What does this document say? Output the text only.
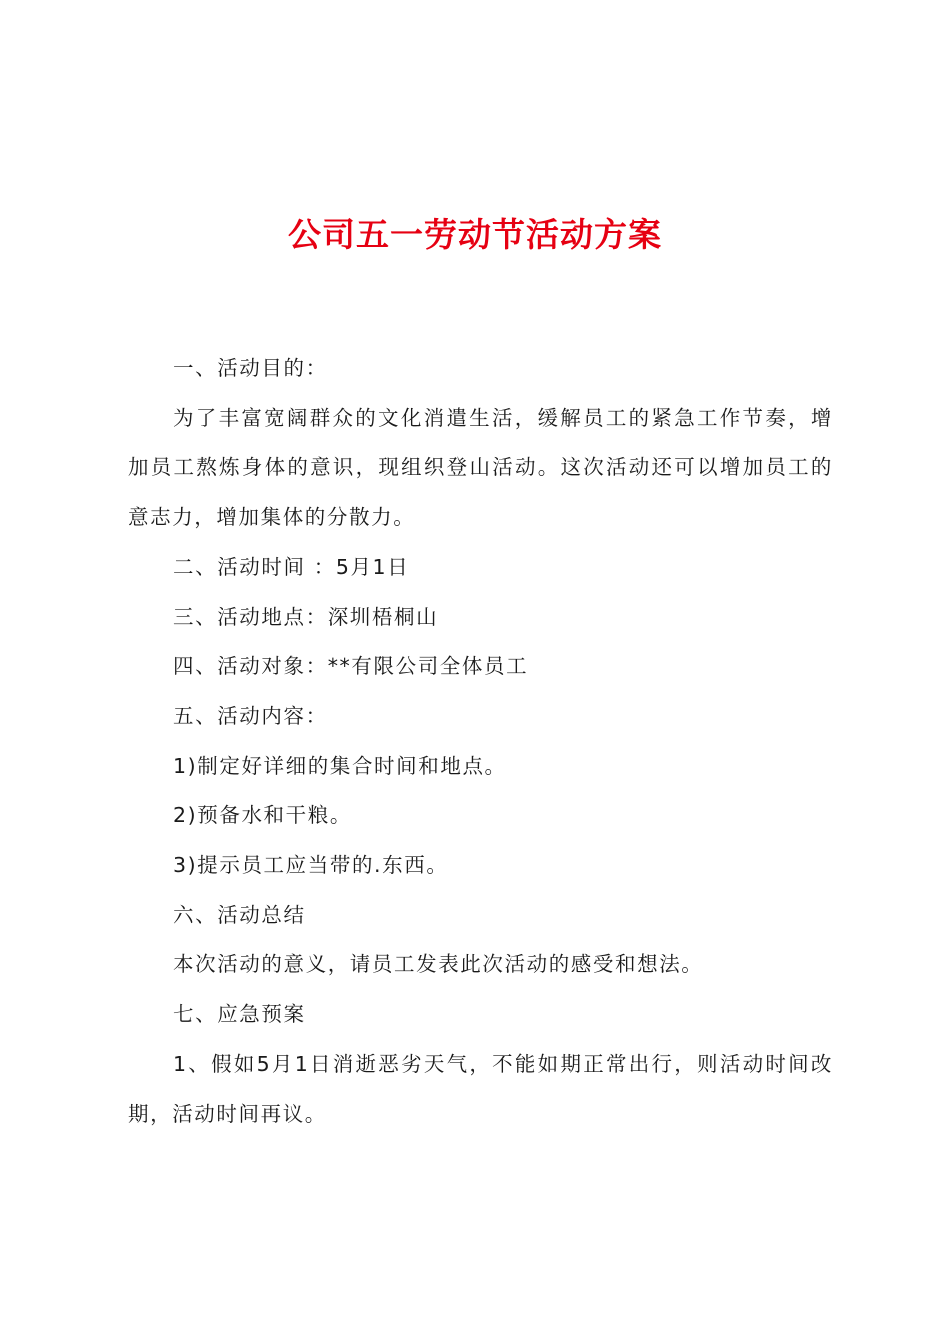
公司五一劳动节活动方案

一、活动目的：

为了丰富宽阔群众的文化消遣生活，缓解员工的紧急工作节奏，增加员工熬炼身体的意识，现组织登山活动。这次活动还可以增加员工的意志力，增加集体的分散力。

二、活动时间 ：5月1日

三、活动地点：深圳梧桐山

四、活动对象：**有限公司全体员工

五、活动内容：

1)制定好详细的集合时间和地点。

2)预备水和干粮。

3)提示员工应当带的.东西。

六、活动总结

本次活动的意义，请员工发表此次活动的感受和想法。

七、应急预案

1、假如5月1日消逝恶劣天气，不能如期正常出行，则活动时间改期，活动时间再议。
